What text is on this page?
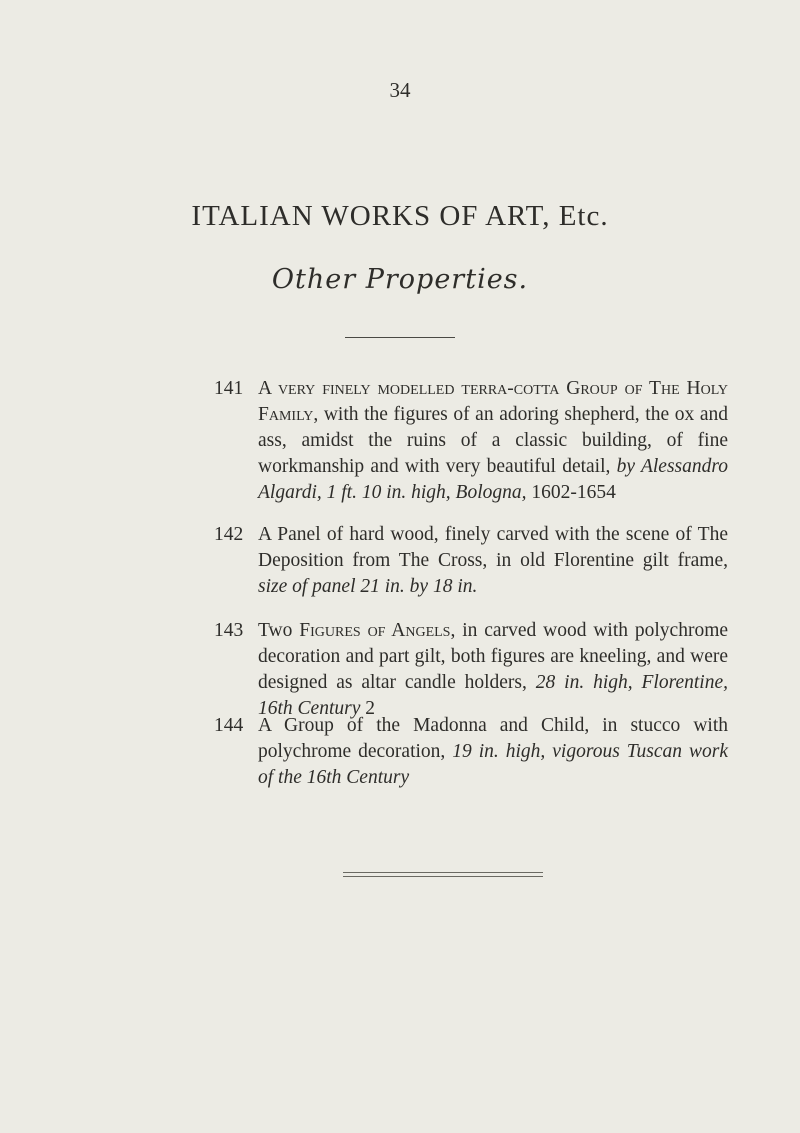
34
ITALIAN WORKS OF ART, Etc.
Other Properties.
141 A very finely modelled terra-cotta Group of The Holy Family, with the figures of an adoring shepherd, the ox and ass, amidst the ruins of a classic building, of fine workmanship and with very beautiful detail, by Alessandro Algardi, 1 ft. 10 in. high, Bologna, 1602-1654
142 A Panel of hard wood, finely carved with the scene of The Deposition from The Cross, in old Florentine gilt frame, size of panel 21 in. by 18 in.
143 Two Figures of Angels, in carved wood with polychrome decoration and part gilt, both figures are kneeling, and were designed as altar candle holders, 28 in. high, Florentine, 16th Century 2
144 A Group of the Madonna and Child, in stucco with polychrome decoration, 19 in. high, vigorous Tuscan work of the 16th Century
